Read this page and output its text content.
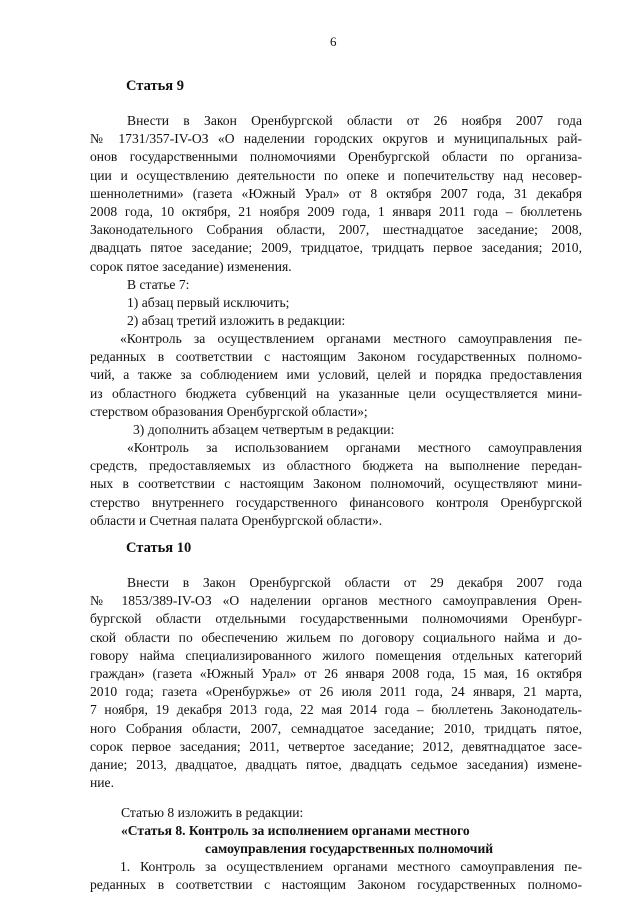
6
Статья 9
Внести в Закон Оренбургской области от 26 ноября 2007 года
№ 1731/357-IV-ОЗ «О наделении городских округов и муниципальных рай-
онов государственными полномочиями Оренбургской области по организа-
ции и осуществлению деятельности по опеке и попечительству над несовер-
шеннолетними» (газета «Южный Урал» от 8 октября 2007 года, 31 декабря
2008 года, 10 октября, 21 ноября 2009 года, 1 января 2011 года – бюллетень
Законодательного Собрания области, 2007, шестнадцатое заседание; 2008,
двадцать пятое заседание; 2009, тридцатое, тридцать первое заседания; 2010,
сорок пятое заседание) изменения.
В статье 7:
1) абзац первый исключить;
2) абзац третий изложить в редакции:
«Контроль за осуществлением органами местного самоуправления пе-
реданных в соответствии с настоящим Законом государственных полномо-
чий, а также за соблюдением ими условий, целей и порядка предоставления
из областного бюджета субвенций на указанные цели осуществляется мини-
стерством образования Оренбургской области»;
3) дополнить абзацем четвертым в редакции:
«Контроль за использованием органами местного самоуправления
средств, предоставляемых из областного бюджета на выполнение передан-
ных в соответствии с настоящим Законом полномочий, осуществляют мини-
стерство внутреннего государственного финансового контроля Оренбургской
области и Счетная палата Оренбургской области».
Статья 10
Внести в Закон Оренбургской области от 29 декабря 2007 года
№ 1853/389-IV-ОЗ «О наделении органов местного самоуправления Орен-
бургской области отдельными государственными полномочиями Оренбург-
ской области по обеспечению жильем по договору социального найма и до-
говору найма специализированного жилого помещения отдельных категорий
граждан» (газета «Южный Урал» от 26 января 2008 года, 15 мая, 16 октября
2010 года; газета «Оренбуржье» от 26 июля 2011 года, 24 января, 21 марта,
7 ноября, 19 декабря 2013 года, 22 мая 2014 года – бюллетень Законодатель-
ного Собрания области, 2007, семнадцатое заседание; 2010, тридцать пятое,
сорок первое заседания; 2011, четвертое заседание; 2012, девятнадцатое засе-
дание; 2013, двадцатое, двадцать пятое, двадцать седьмое заседания) измене-
ние.
Статью 8 изложить в редакции:
«Статья 8. Контроль за исполнением органами местного
самоуправления государственных полномочий
1. Контроль за осуществлением органами местного самоуправления пе-
реданных в соответствии с настоящим Законом государственных полномо-
